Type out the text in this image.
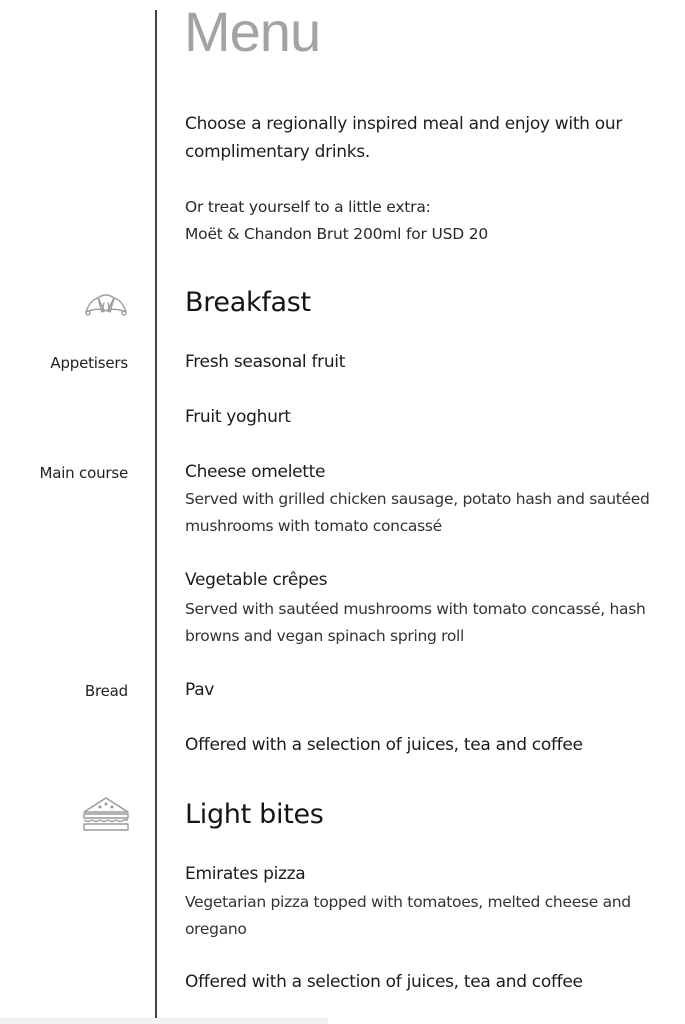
Menu
Choose a regionally inspired meal and enjoy with our
complimentary drinks.
Or treat yourself to a little extra:
Moët & Chandon Brut 200ml for USD 20
Breakfast
Appetisers	Fresh seasonal fruit
Fruit yoghurt
Main course	Cheese omelette
Served with grilled chicken sausage, potato hash and sautéed
mushrooms with tomato concassé
Vegetable crêpes
Served with sautéed mushrooms with tomato concassé, hash
browns and vegan spinach spring roll
Bread	Pav
Offered with a selection of juices, tea and coffee
Light bites
Emirates pizza
Vegetarian pizza topped with tomatoes, melted cheese and
oregano
Offered with a selection of juices, tea and coffee
